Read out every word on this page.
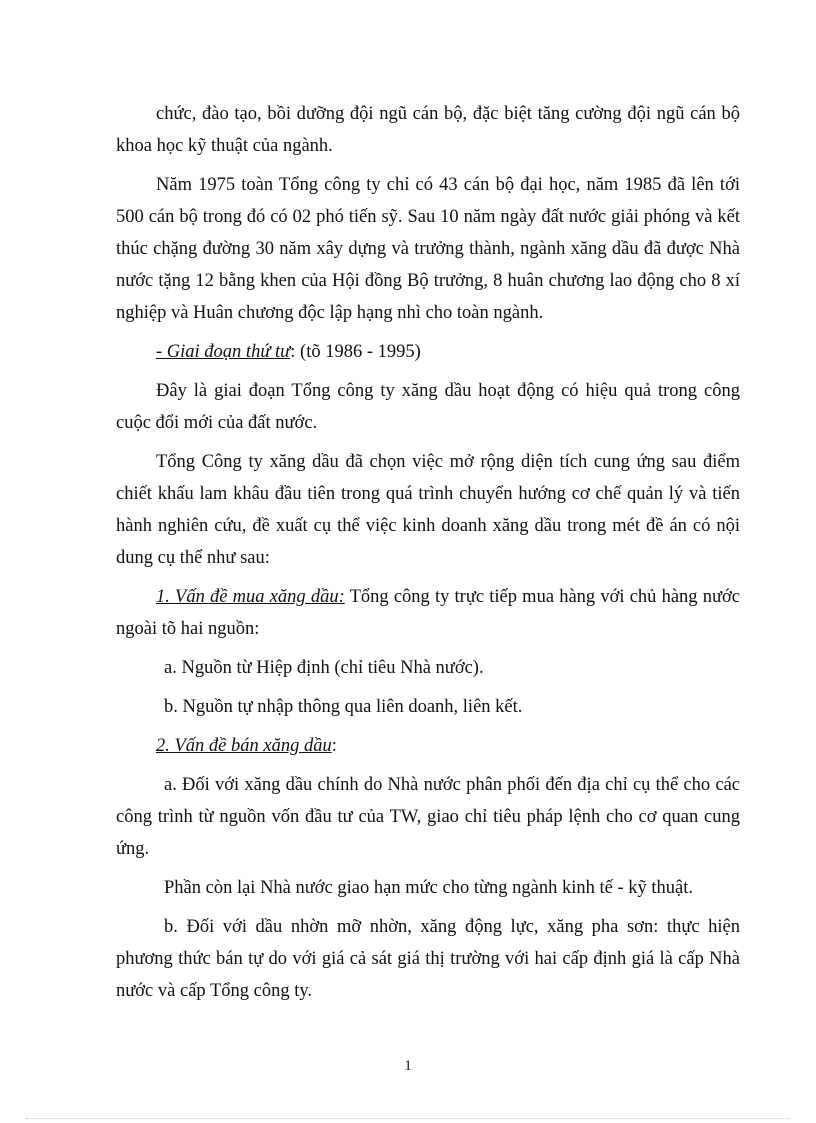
chức, đào tạo, bồi dưỡng đội ngũ cán bộ, đặc biệt tăng cường đội ngũ cán bộ khoa học kỹ thuật của ngành.

Năm 1975 toàn Tổng công ty chỉ có 43 cán bộ đại học, năm 1985 đã lên tới 500 cán bộ trong đó có 02 phó tiến sỹ. Sau 10 năm ngày đất nước giải phóng và kết thúc chặng đường 30 năm xây dựng và trưởng thành, ngành xăng dầu đã được Nhà nước tặng 12 bằng khen của Hội đồng Bộ trưởng, 8 huân chương lao động cho 8 xí nghiệp và Huân chương độc lập hạng nhì cho toàn ngành.

- Giai đoạn thứ tư: (tõ 1986 - 1995)

Đây là giai đoạn Tổng công ty xăng dầu hoạt động có hiệu quả trong công cuộc đổi mới của đất nước.

Tổng Công ty xăng dầu đã chọn việc mở rộng diện tích cung ứng sau điểm chiết khấu lam khâu đầu tiên trong quá trình chuyển hướng cơ chế quản lý và tiến hành nghiên cứu, đề xuất cụ thể việc kinh doanh xăng dầu trong mét đề án có nội dung cụ thể như sau:

1. Vấn đề mua xăng dầu: Tổng công ty trực tiếp mua hàng với chủ hàng nước ngoài tõ hai nguồn:

a. Nguồn từ Hiệp định (chỉ tiêu Nhà nước).

b. Nguồn tự nhập thông qua liên doanh, liên kết.

2. Vấn đề bán xăng dầu:

a. Đối với xăng dầu chính do Nhà nước phân phối đến địa chỉ cụ thể cho các công trình từ nguồn vốn đầu tư của TW, giao chỉ tiêu pháp lệnh cho cơ quan cung ứng.

Phần còn lại Nhà nước giao hạn mức cho từng ngành kinh tế - kỹ thuật.

b. Đối với dầu nhờn mỡ nhờn, xăng động lực, xăng pha sơn: thực hiện phương thức bán tự do với giá cả sát giá thị trường với hai cấp định giá là cấp Nhà nước và cấp Tổng công ty.

1
